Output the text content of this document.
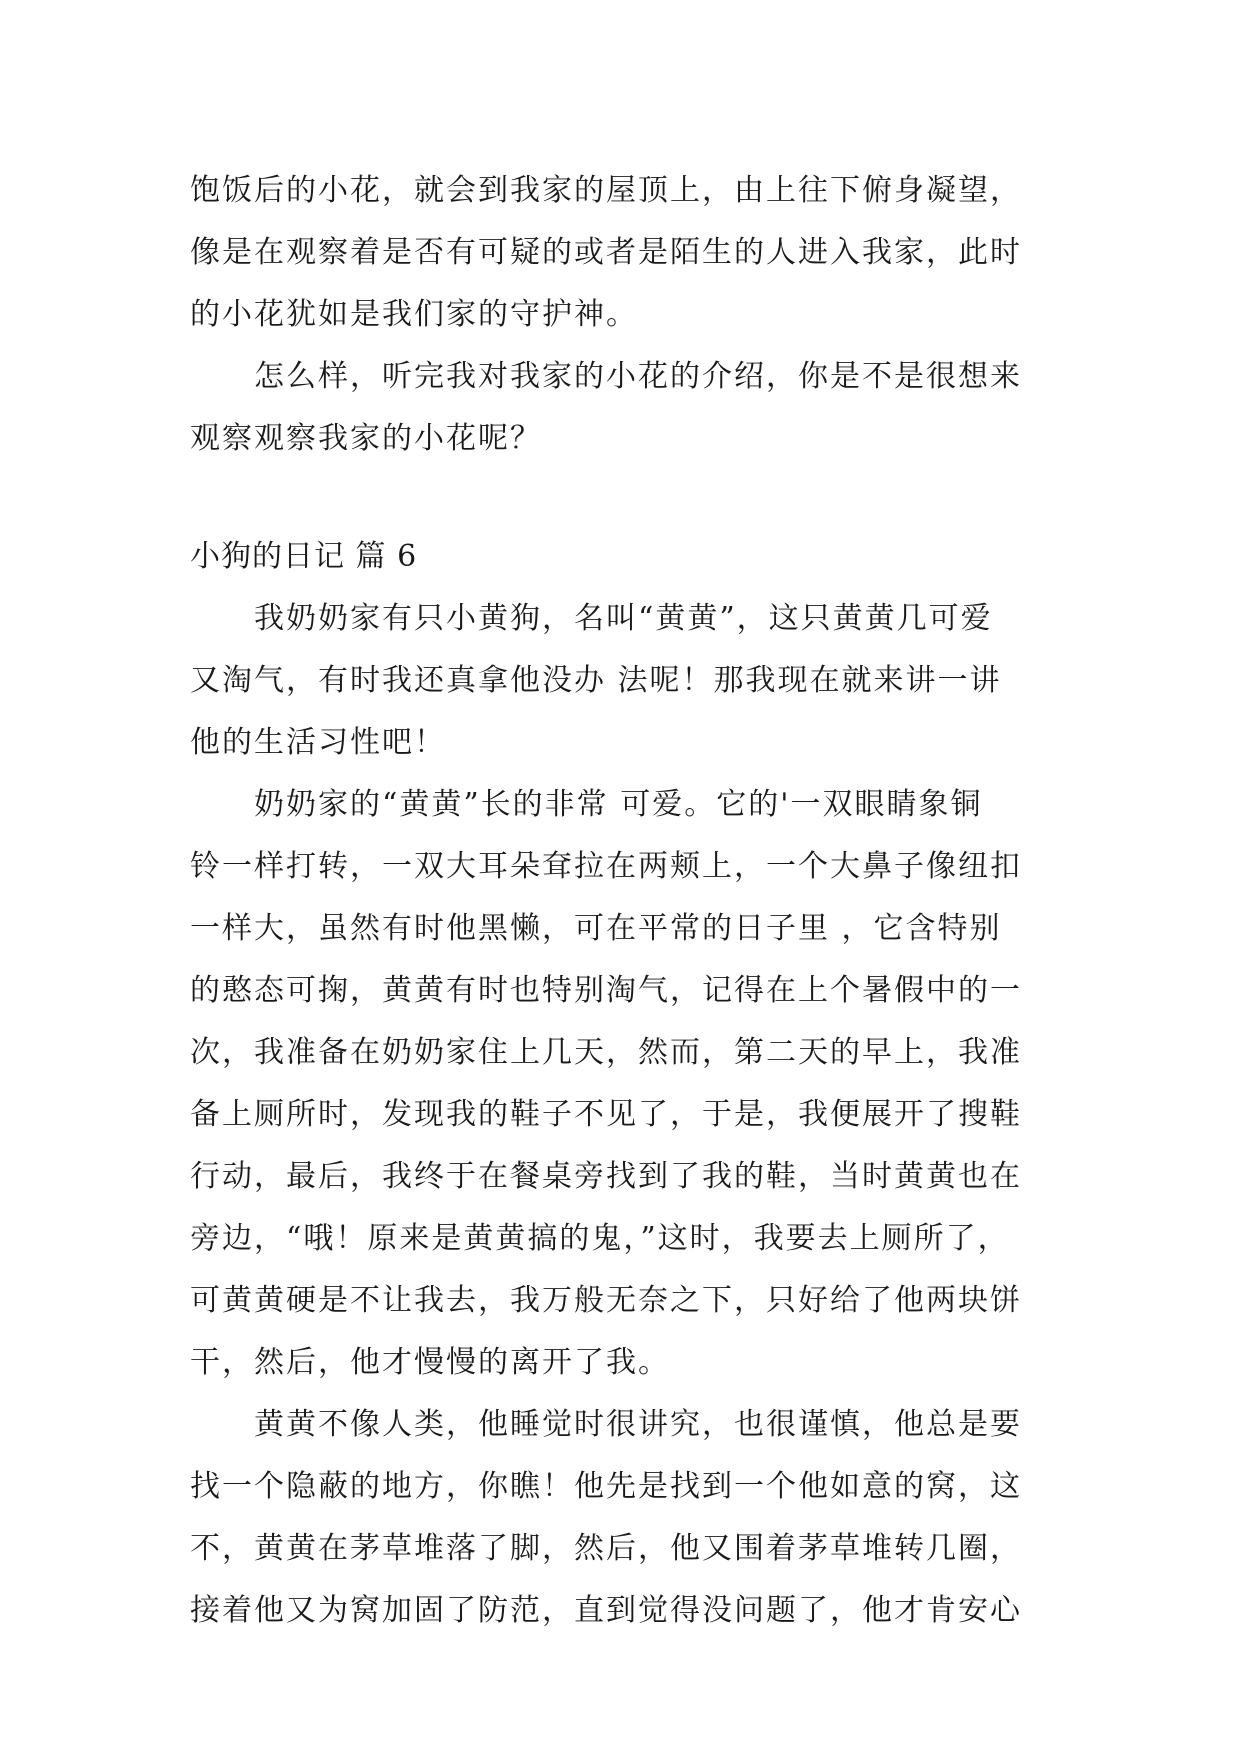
饱饭后的小花，就会到我家的屋顶上，由上往下俯身凝望，
像是在观察着是否有可疑的或者是陌生的人进入我家，此时
的小花犹如是我们家的守护神。
怎么样，听完我对我家的小花的介绍，你是不是很想来
观察观察我家的小花呢？
小狗的日记 篇 6
我奶奶家有只小黄狗，名叫“黄黄”，这只黄黄几可爱
又淘气，有时我还真拿他没办 法呢！那我现在就来讲一讲
他的生活习性吧！
奶奶家的“黄黄”长的非常 可爱。它的'一双眼睛象铜
铃一样打转，一双大耳朵耷拉在两颊上，一个大鼻子像纽扣
一样大，虽然有时他黑懒，可在平常的日子里 ，它含特别
的憨态可掬，黄黄有时也特别淘气，记得在上个暑假中的一
次，我准备在奶奶家住上几天，然而，第二天的早上，我准
备上厕所时，发现我的鞋子不见了，于是，我便展开了搜鞋
行动，最后，我终于在餐桌旁找到了我的鞋，当时黄黄也在
旁边，“哦！原来是黄黄搞的鬼，”这时，我要去上厕所了，
可黄黄硬是不让我去，我万般无奈之下，只好给了他两块饼
干，然后，他才慢慢的离开了我。
黄黄不像人类，他睡觉时很讲究，也很谨慎，他总是要
找一个隐蔽的地方，你瞧！他先是找到一个他如意的窝，这
不，黄黄在茅草堆落了脚，然后，他又围着茅草堆转几圈，
接着他又为窝加固了防范，直到觉得没问题了，他才肯安心
